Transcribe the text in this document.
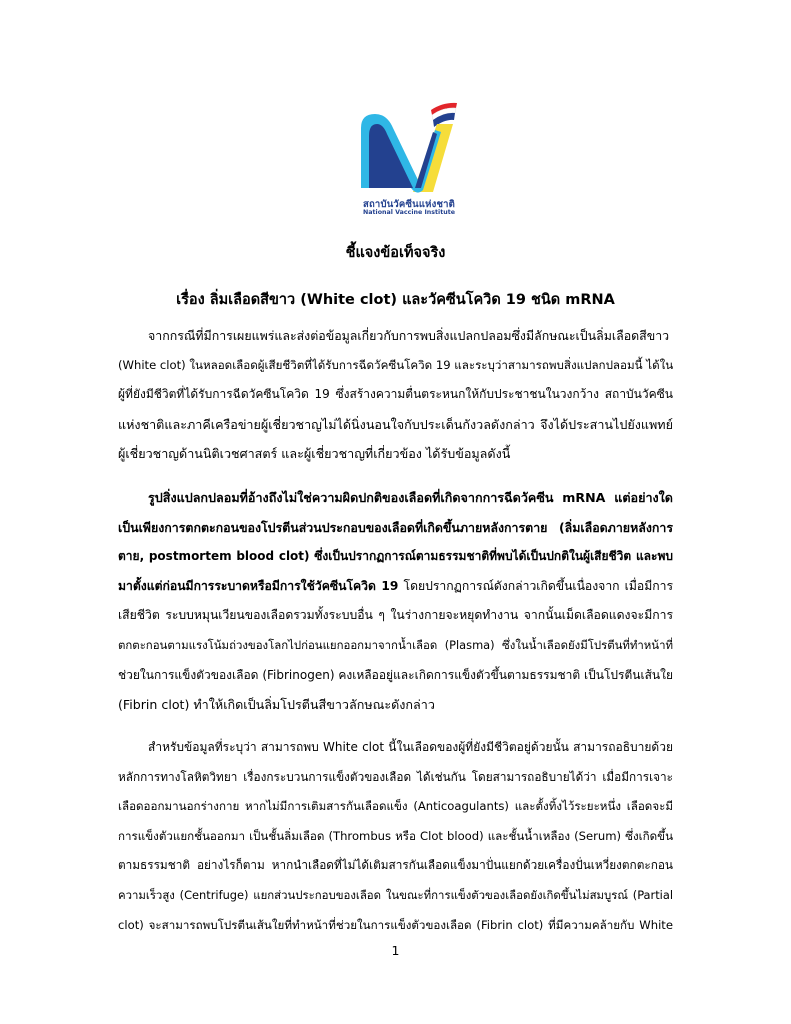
สถาบันวัคซีนแห่งชาติ
National Vaccine Institute
ชี้แจงข้อเท็จจริง
เรื่อง ลิ่มเลือดสีขาว (White clot) และวัคซีนโควิด 19 ชนิด mRNA
จากกรณีที่มีการเผยแพร่และส่งต่อข้อมูลเกี่ยวกับการพบสิ่งแปลกปลอมซึ่งมีลักษณะเป็นลิ่มเลือดสีขาว
(White clot) ในหลอดเลือดผู้เสียชีวิตที่ได้รับการฉีดวัคซีนโควิด 19 และระบุว่าสามารถพบสิ่งแปลกปลอมนี้ ได้ใน
ผู้ที่ยังมีชีวิตที่ได้รับการฉีดวัคซีนโควิด 19 ซึ่งสร้างความตื่นตระหนกให้กับประชาชนในวงกว้าง สถาบันวัคซีน
แห่งชาติและภาคีเครือข่ายผู้เชี่ยวชาญไม่ได้นิ่งนอนใจกับประเด็นกังวลดังกล่าว จึงได้ประสานไปยังแพทย์
ผู้เชี่ยวชาญด้านนิติเวชศาสตร์ และผู้เชี่ยวชาญที่เกี่ยวข้อง ได้รับข้อมูลดังนี้
รูปสิ่งแปลกปลอมที่อ้างถึงไม่ใช่ความผิดปกติของเลือดที่เกิดจากการฉีดวัคซีน mRNA แต่อย่างใด
เป็นเพียงการตกตะกอนของโปรตีนส่วนประกอบของเลือดที่เกิดขึ้นภายหลังการตาย (ลิ่มเลือดภายหลังการ
ตาย, postmortem blood clot) ซึ่งเป็นปรากฏการณ์ตามธรรมชาติที่พบได้เป็นปกติในผู้เสียชีวิต และพบ
มาตั้งแต่ก่อนมีการระบาดหรือมีการใช้วัคซีนโควิด 19 โดยปรากฏการณ์ดังกล่าวเกิดขึ้นเนื่องจาก เมื่อมีการ
เสียชีวิต ระบบหมุนเวียนของเลือดรวมทั้งระบบอื่น ๆ ในร่างกายจะหยุดทำงาน จากนั้นเม็ดเลือดแดงจะมีการ
ตกตะกอนตามแรงโน้มถ่วงของโลกไปก่อนแยกออกมาจากน้ำเลือด (Plasma) ซึ่งในน้ำเลือดยังมีโปรตีนที่ทำหน้าที่
ช่วยในการแข็งตัวของเลือด (Fibrinogen) คงเหลืออยู่และเกิดการแข็งตัวขึ้นตามธรรมชาติ เป็นโปรตีนเส้นใย
(Fibrin clot) ทำให้เกิดเป็นลิ่มโปรตีนสีขาวลักษณะดังกล่าว
สำหรับข้อมูลที่ระบุว่า สามารถพบ White clot นี้ในเลือดของผู้ที่ยังมีชีวิตอยู่ด้วยนั้น สามารถอธิบายด้วย
หลักการทางโลหิตวิทยา เรื่องกระบวนการแข็งตัวของเลือด ได้เช่นกัน โดยสามารถอธิบายได้ว่า เมื่อมีการเจาะ
เลือดออกมานอกร่างกาย หากไม่มีการเติมสารกันเลือดแข็ง (Anticoagulants) และตั้งทิ้งไว้ระยะหนึ่ง เลือดจะมี
การแข็งตัวแยกชั้นออกมา เป็นชั้นลิ่มเลือด (Thrombus หรือ Clot blood) และชั้นน้ำเหลือง (Serum) ซึ่งเกิดขึ้น
ตามธรรมชาติ อย่างไรก็ตาม หากนำเลือดที่ไม่ได้เติมสารกันเลือดแข็งมาปั่นแยกด้วยเครื่องปั่นเหวี่ยงตกตะกอน
ความเร็วสูง (Centrifuge) แยกส่วนประกอบของเลือด ในขณะที่การแข็งตัวของเลือดยังเกิดขึ้นไม่สมบูรณ์ (Partial
clot) จะสามารถพบโปรตีนเส้นใยที่ทำหน้าที่ช่วยในการแข็งตัวของเลือด (Fibrin clot) ที่มีความคล้ายกับ White
1
